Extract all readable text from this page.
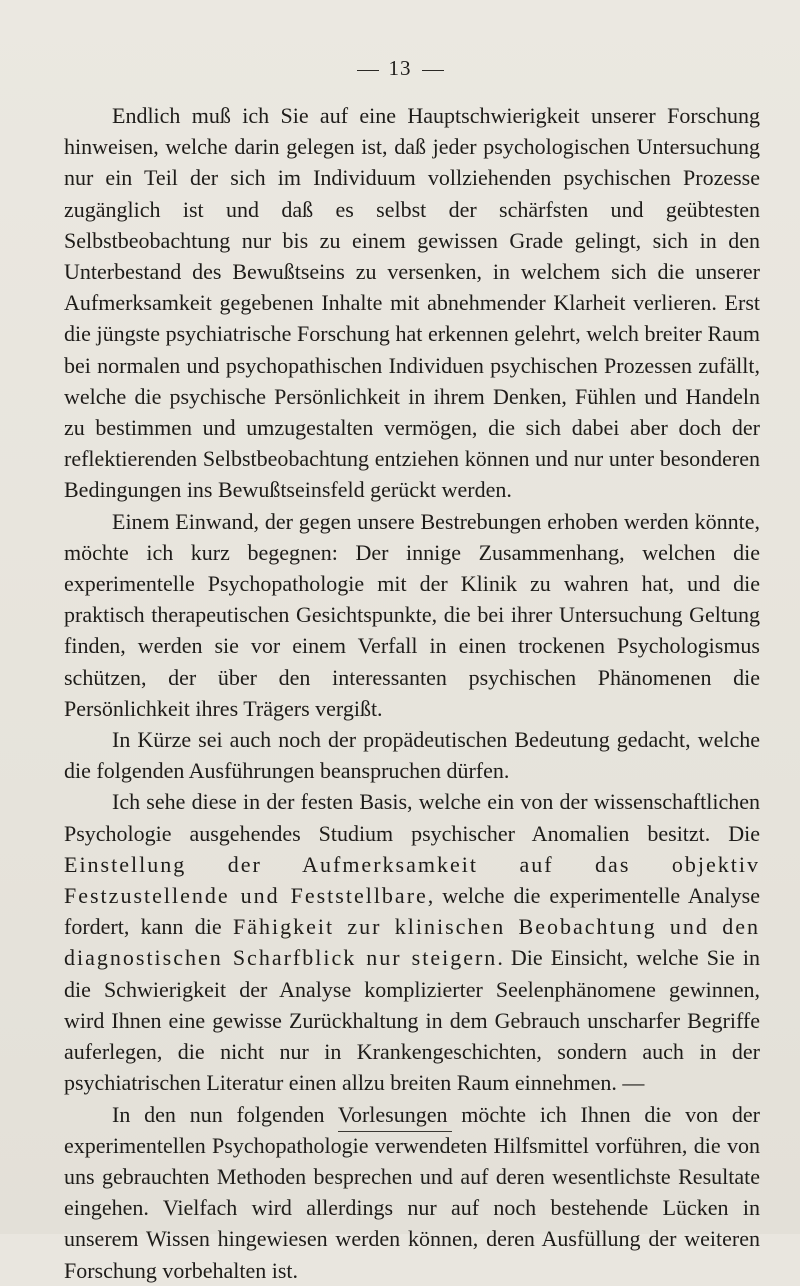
13

Endlich muß ich Sie auf eine Hauptschwierigkeit unserer Forschung hinweisen, welche darin gelegen ist, daß jeder psychologischen Untersuchung nur ein Teil der sich im Individuum vollziehenden psychischen Prozesse zugänglich ist und daß es selbst der schärfsten und geübtesten Selbstbeobachtung nur bis zu einem gewissen Grade gelingt, sich in den Unterbestand des Bewußtseins zu versenken, in welchem sich die unserer Aufmerksamkeit gegebenen Inhalte mit abnehmender Klarheit verlieren. Erst die jüngste psychiatrische Forschung hat erkennen gelehrt, welch breiter Raum bei normalen und psychopathischen Individuen psychischen Prozessen zufällt, welche die psychische Persönlichkeit in ihrem Denken, Fühlen und Handeln zu bestimmen und umzugestalten vermögen, die sich dabei aber doch der reflektierenden Selbstbeobachtung entziehen können und nur unter besonderen Bedingungen ins Bewußtseinsfeld gerückt werden.

Einem Einwand, der gegen unsere Bestrebungen erhoben werden könnte, möchte ich kurz begegnen: Der innige Zusammenhang, welchen die experimentelle Psychopathologie mit der Klinik zu wahren hat, und die praktisch therapeutischen Gesichtspunkte, die bei ihrer Untersuchung Geltung finden, werden sie vor einem Verfall in einen trockenen Psychologismus schützen, der über den interessanten psychischen Phänomenen die Persönlichkeit ihres Trägers vergißt.

In Kürze sei auch noch der propädeutischen Bedeutung gedacht, welche die folgenden Ausführungen beanspruchen dürfen.

Ich sehe diese in der festen Basis, welche ein von der wissenschaftlichen Psychologie ausgehendes Studium psychischer Anomalien besitzt. Die Einstellung der Aufmerksamkeit auf das objektiv Festzustellende und Feststellbare, welche die experimentelle Analyse fordert, kann die Fähigkeit zur klinischen Beobachtung und den diagnostischen Scharfblick nur steigern. Die Einsicht, welche Sie in die Schwierigkeit der Analyse komplizierter Seelenphänomene gewinnen, wird Ihnen eine gewisse Zurückhaltung in dem Gebrauch unscharfer Begriffe auferlegen, die nicht nur in Krankengeschichten, sondern auch in der psychiatrischen Literatur einen allzu breiten Raum einnehmen. —

In den nun folgenden Vorlesungen möchte ich Ihnen die von der experimentellen Psychopathologie verwendeten Hilfsmittel vorführen, die von uns gebrauchten Methoden besprechen und auf deren wesentlichste Resultate eingehen. Vielfach wird allerdings nur auf noch bestehende Lücken in unserem Wissen hingewiesen werden können, deren Ausfüllung der weiteren Forschung vorbehalten ist.
